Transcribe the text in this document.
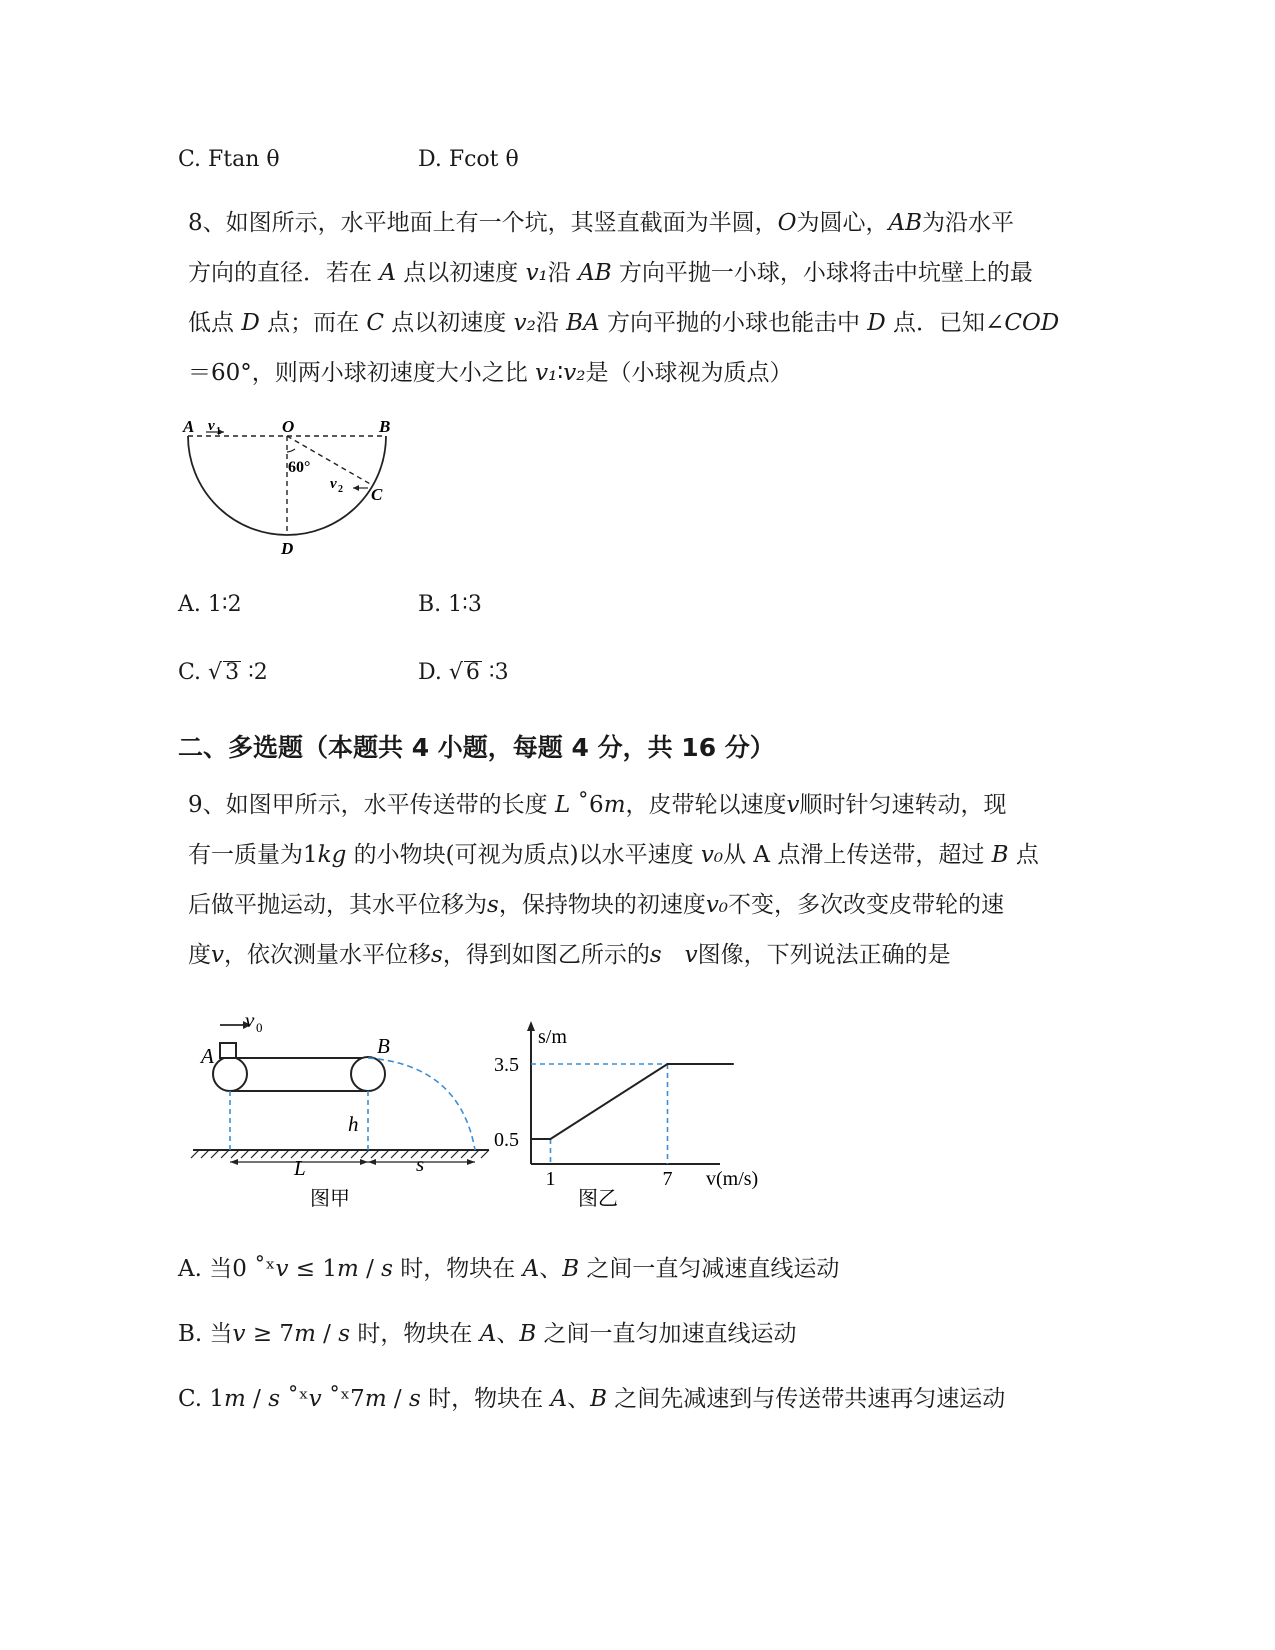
C. Ftan θ	D. Fcot θ

8、如图所示，水平地面上有一个坑，其竖直截面为半圆，O为圆心，AB为沿水平

方向的直径．若在 A 点以初速度 v₁沿 AB 方向平抛一小球，小球将击中坑壁上的最

低点 D 点；而在 C 点以初速度 v₂沿 BA 方向平抛的小球也能击中 D 点．已知∠COD

＝60°，则两小球初速度大小之比 v₁∶v₂是（小球视为质点）

A v 1	O	B
60°
v 2 C
D
A. 1∶2	B. 1∶3
C. √ 3 ∶2	D. √ 6 ∶3
二、多选题（本题共 4 小题，每题 4 分，共 16 分）

9、如图甲所示，水平传送带的长度 L ˚6m，皮带轮以速度v顺时针匀速转动，现

有一质量为1kg 的小物块(可视为质点)以水平速度 v₀从 A 点滑上传送带，超过 B 点

后做平抛运动，其水平位移为s，保持物块的初速度v₀不变，多次改变皮带轮的速

度v，依次测量水平位移s，得到如图乙所示的s　 v图像，下列说法正确的是

v 0
A	B
h
L	s
图甲
1	7
0.5
3.5
s/m
v(m/s)
图乙
A. 当0 ˚ˣv ≤ 1m / s 时，物块在 A、B 之间一直匀减速直线运动
B. 当v ≥ 7m / s 时，物块在 A、B 之间一直匀加速直线运动
C. 1m / s ˚ˣv ˚ˣ7m / s 时，物块在 A、B 之间先减速到与传送带共速再匀速运动
